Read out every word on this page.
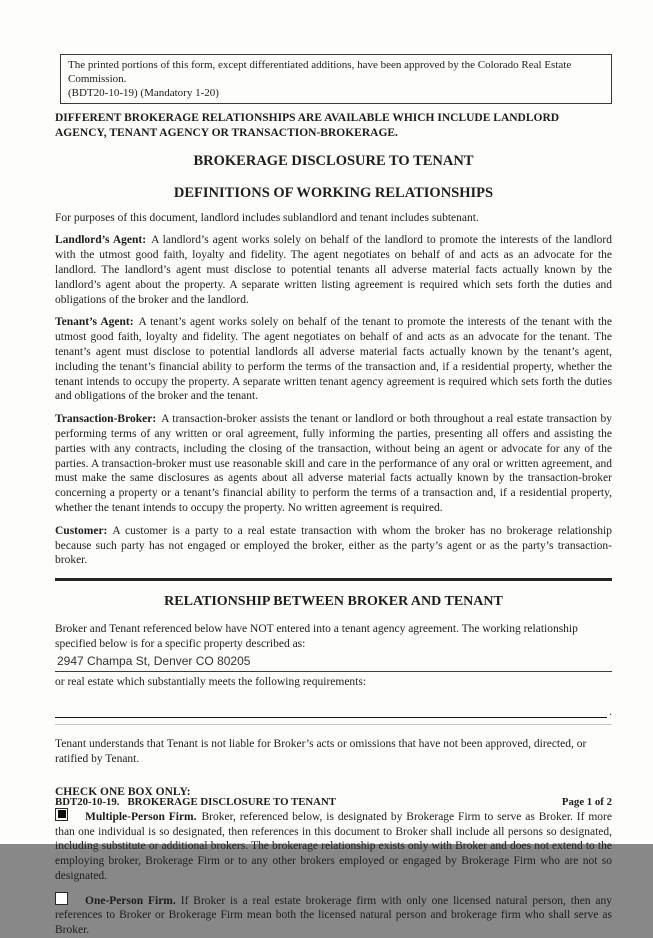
The printed portions of this form, except differentiated additions, have been approved by the Colorado Real Estate Commission.
(BDT20-10-19) (Mandatory 1-20)

DIFFERENT BROKERAGE RELATIONSHIPS ARE AVAILABLE WHICH INCLUDE LANDLORD AGENCY, TENANT AGENCY OR TRANSACTION-BROKERAGE.

BROKERAGE DISCLOSURE TO TENANT
DEFINITIONS OF WORKING RELATIONSHIPS

For purposes of this document, landlord includes sublandlord and tenant includes subtenant.

Landlord’s Agent: A landlord’s agent works solely on behalf of the landlord to promote the interests of the landlord with the utmost good faith, loyalty and fidelity. The agent negotiates on behalf of and acts as an advocate for the landlord. The landlord’s agent must disclose to potential tenants all adverse material facts actually known by the landlord’s agent about the property. A separate written listing agreement is required which sets forth the duties and obligations of the broker and the landlord.

Tenant’s Agent: A tenant’s agent works solely on behalf of the tenant to promote the interests of the tenant with the utmost good faith, loyalty and fidelity. The agent negotiates on behalf of and acts as an advocate for the tenant. The tenant’s agent must disclose to potential landlords all adverse material facts actually known by the tenant’s agent, including the tenant’s financial ability to perform the terms of the transaction and, if a residential property, whether the tenant intends to occupy the property. A separate written tenant agency agreement is required which sets forth the duties and obligations of the broker and the tenant.

Transaction-Broker: A transaction-broker assists the tenant or landlord or both throughout a real estate transaction by performing terms of any written or oral agreement, fully informing the parties, presenting all offers and assisting the parties with any contracts, including the closing of the transaction, without being an agent or advocate for any of the parties. A transaction-broker must use reasonable skill and care in the performance of any oral or written agreement, and must make the same disclosures as agents about all adverse material facts actually known by the transaction-broker concerning a property or a tenant’s financial ability to perform the terms of a transaction and, if a residential property, whether the tenant intends to occupy the property. No written agreement is required.

Customer: A customer is a party to a real estate transaction with whom the broker has no brokerage relationship because such party has not engaged or employed the broker, either as the party’s agent or as the party’s transaction-broker.

RELATIONSHIP BETWEEN BROKER AND TENANT

Broker and Tenant referenced below have NOT entered into a tenant agency agreement. The working relationship specified below is for a specific property described as:

2947 Champa St, Denver CO 80205

or real estate which substantially meets the following requirements:

.

Tenant understands that Tenant is not liable for Broker’s acts or omissions that have not been approved, directed, or ratified by Tenant.

CHECK ONE BOX ONLY:

Multiple-Person Firm. Broker, referenced below, is designated by Brokerage Firm to serve as Broker. If more than one individual is so designated, then references in this document to Broker shall include all persons so designated, including substitute or additional brokers. The brokerage relationship exists only with Broker and does not extend to the employing broker, Brokerage Firm or to any other brokers employed or engaged by Brokerage Firm who are not so designated.

One-Person Firm. If Broker is a real estate brokerage firm with only one licensed natural person, then any references to Broker or Brokerage Firm mean both the licensed natural person and brokerage firm who shall serve as Broker.

BDT20-10-19. BROKERAGE DISCLOSURE TO TENANT	Page 1 of 2
